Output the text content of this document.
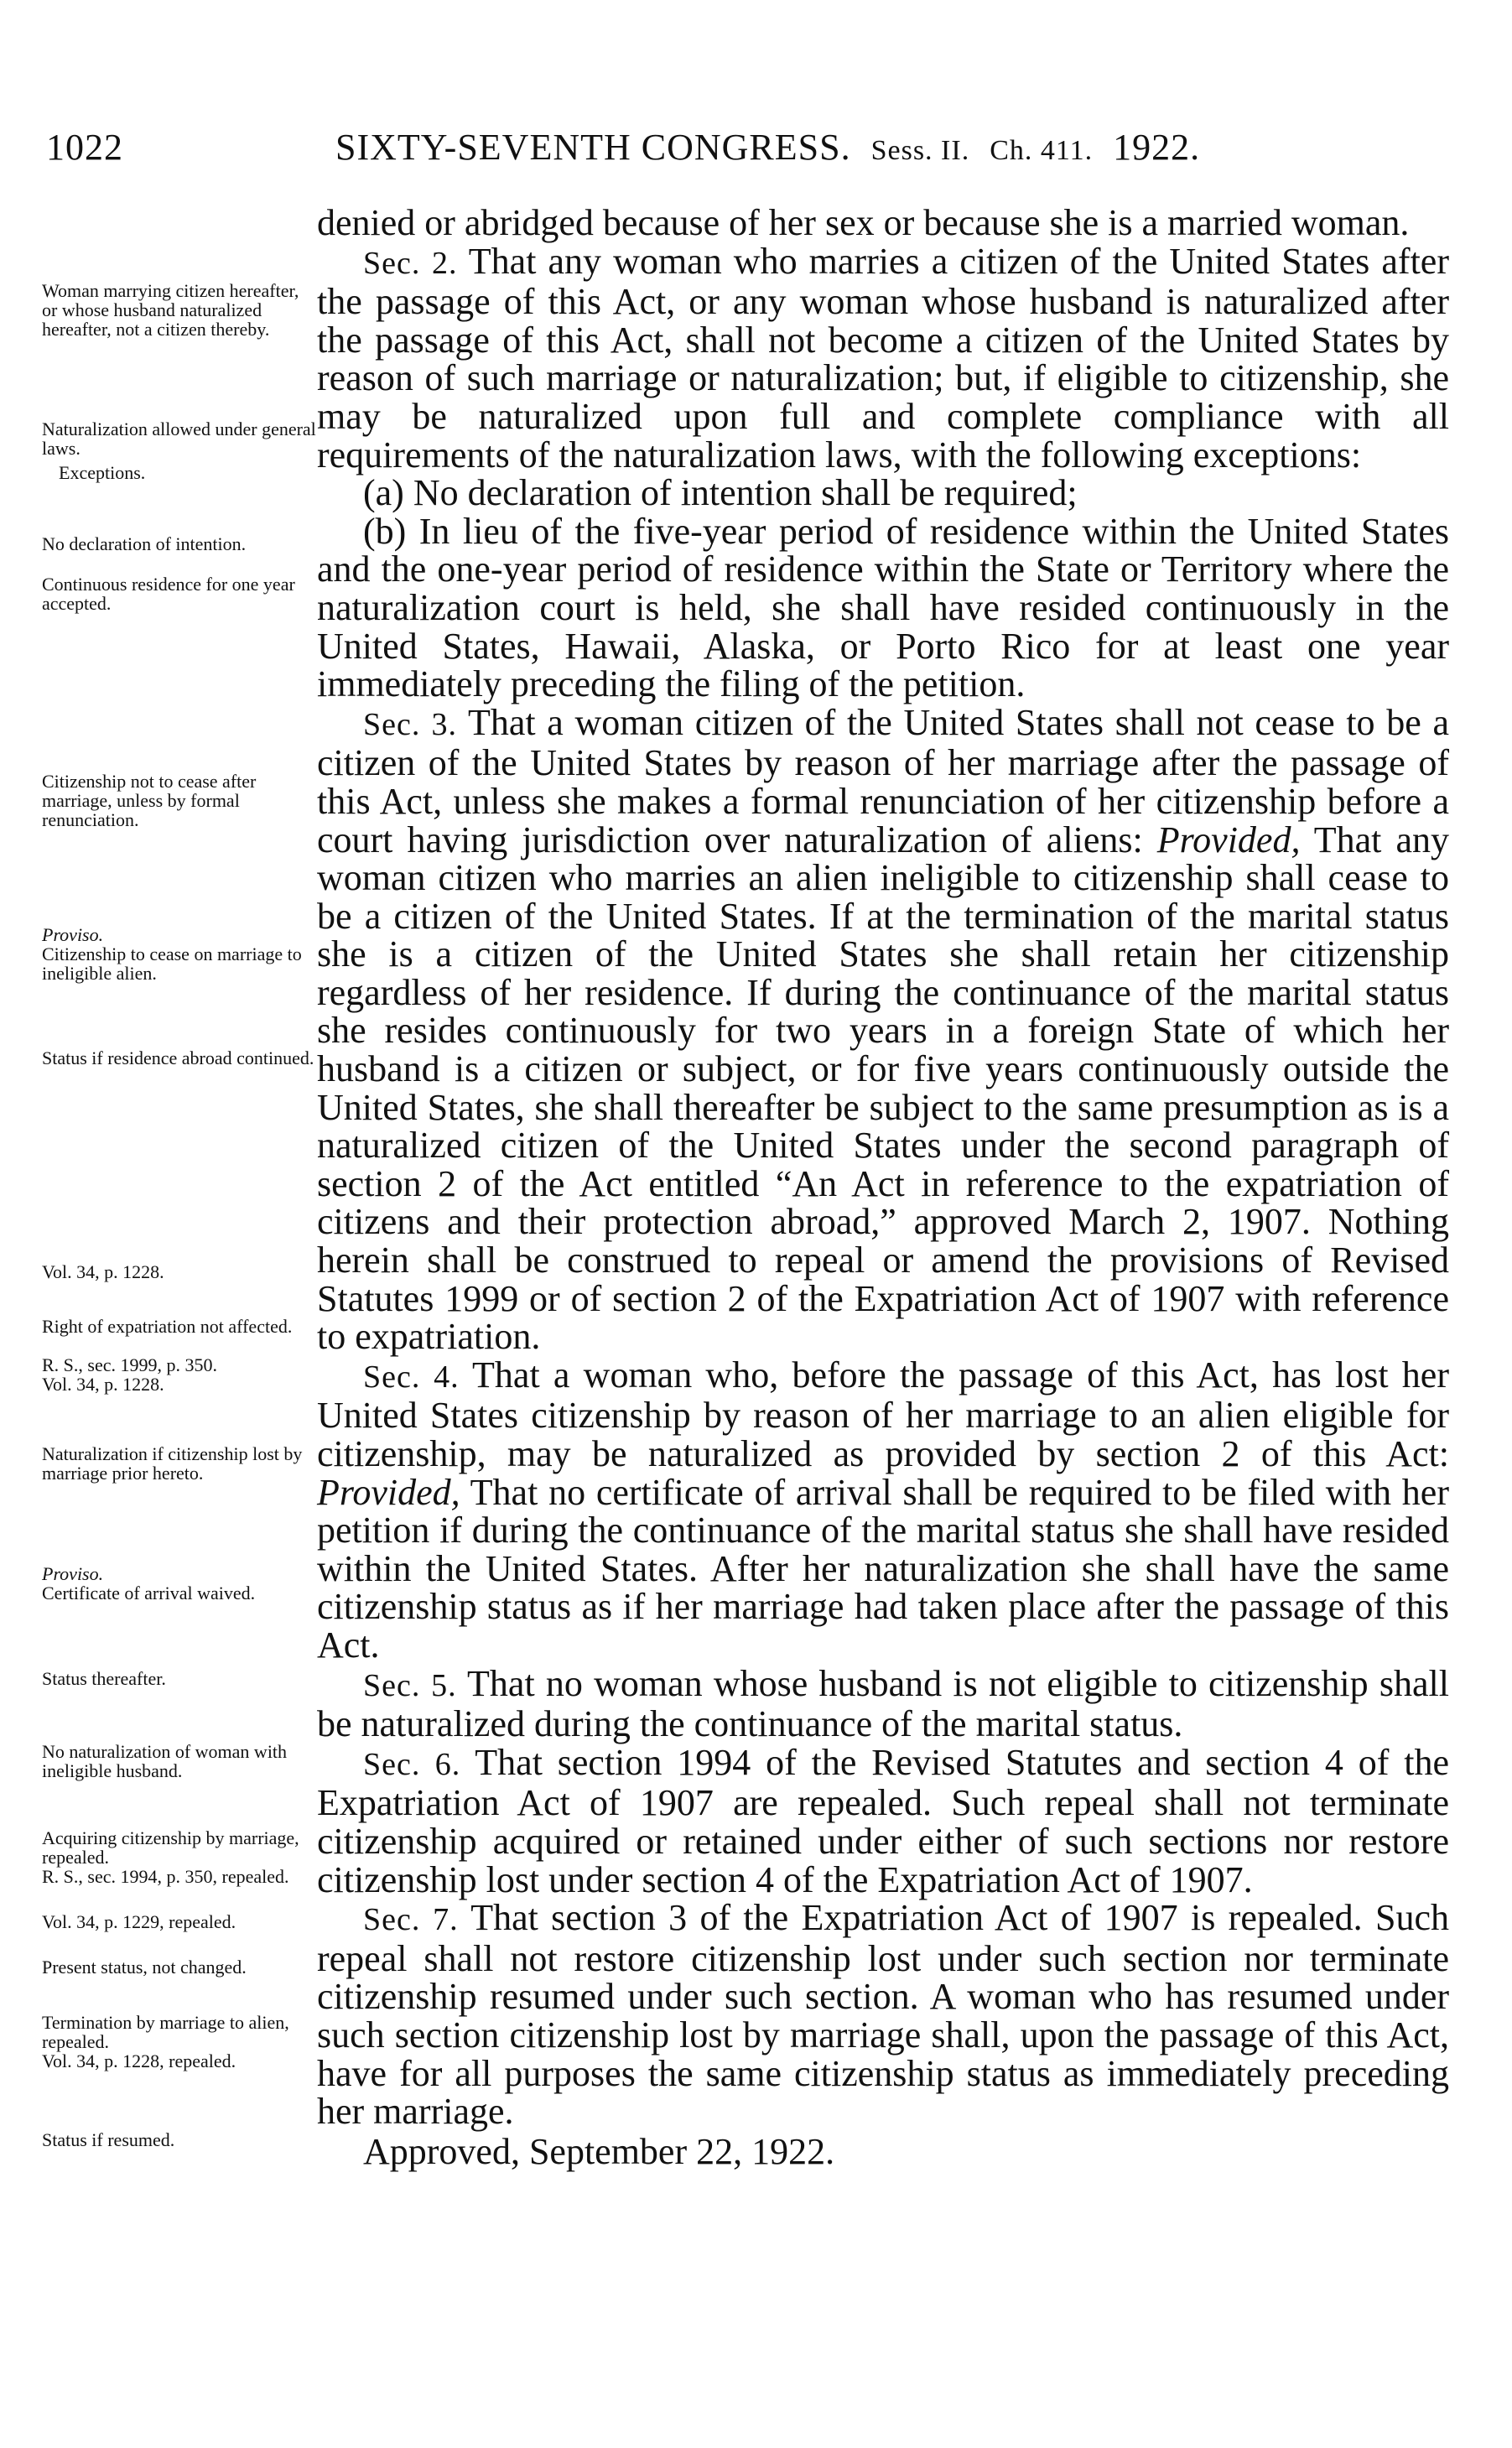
1022	SIXTY-SEVENTH CONGRESS. Sess. II. Ch. 411. 1922.

denied or abridged because of her sex or because she is a married woman.

Sec. 2. That any woman who marries a citizen of the United States after the passage of this Act, or any woman whose husband is naturalized after the passage of this Act, shall not become a citizen of the United States by reason of such marriage or naturalization; but, if eligible to citizenship, she may be naturalized upon full and complete compliance with all requirements of the naturalization laws, with the following exceptions:

(a) No declaration of intention shall be required;

(b) In lieu of the five-year period of residence within the United States and the one-year period of residence within the State or Territory where the naturalization court is held, she shall have resided continuously in the United States, Hawaii, Alaska, or Porto Rico for at least one year immediately preceding the filing of the petition.

Sec. 3. That a woman citizen of the United States shall not cease to be a citizen of the United States by reason of her marriage after the passage of this Act, unless she makes a formal renunciation of her citizenship before a court having jurisdiction over naturalization of aliens: Provided, That any woman citizen who marries an alien ineligible to citizenship shall cease to be a citizen of the United States. If at the termination of the marital status she is a citizen of the United States she shall retain her citizenship regardless of her residence. If during the continuance of the marital status she resides continuously for two years in a foreign State of which her husband is a citizen or subject, or for five years continuously outside the United States, she shall thereafter be subject to the same presumption as is a naturalized citizen of the United States under the second paragraph of section 2 of the Act entitled “An Act in reference to the expatriation of citizens and their protection abroad,” approved March 2, 1907. Nothing herein shall be construed to repeal or amend the provisions of Revised Statutes 1999 or of section 2 of the Expatriation Act of 1907 with reference to expatriation.

Sec. 4. That a woman who, before the passage of this Act, has lost her United States citizenship by reason of her marriage to an alien eligible for citizenship, may be naturalized as provided by section 2 of this Act: Provided, That no certificate of arrival shall be required to be filed with her petition if during the continuance of the marital status she shall have resided within the United States. After her naturalization she shall have the same citizenship status as if her marriage had taken place after the passage of this Act.

Sec. 5. That no woman whose husband is not eligible to citizenship shall be naturalized during the continuance of the marital status.

Sec. 6. That section 1994 of the Revised Statutes and section 4 of the Expatriation Act of 1907 are repealed. Such repeal shall not terminate citizenship acquired or retained under either of such sections nor restore citizenship lost under section 4 of the Expatriation Act of 1907.

Sec. 7. That section 3 of the Expatriation Act of 1907 is repealed. Such repeal shall not restore citizenship lost under such section nor terminate citizenship resumed under such section. A woman who has resumed under such section citizenship lost by marriage shall, upon the passage of this Act, have for all purposes the same citizenship status as immediately preceding her marriage.

Approved, September 22, 1922.

Woman marrying citizen hereafter, or whose husband naturalized hereafter, not a citizen thereby.
Naturalization allowed under general laws.
Exceptions.
No declaration of intention.
Continuous residence for one year accepted.
Citizenship not to cease after marriage, unless by formal renunciation.
Proviso.
Citizenship to cease on marriage to ineligible alien.
Status if residence abroad continued.
Vol. 34, p. 1228.
Right of expatriation not affected.
R. S., sec. 1999, p. 350.
Vol. 34, p. 1228.
Naturalization if citizenship lost by marriage prior hereto.
Proviso.
Certificate of arrival waived.
Status thereafter.
No naturalization of woman with ineligible husband.
Acquiring citizenship by marriage, repealed.
R. S., sec. 1994, p. 350, repealed.
Vol. 34, p. 1229, repealed.
Present status, not changed.
Termination by marriage to alien, repealed.
Vol. 34, p. 1228, repealed.
Status if resumed.
